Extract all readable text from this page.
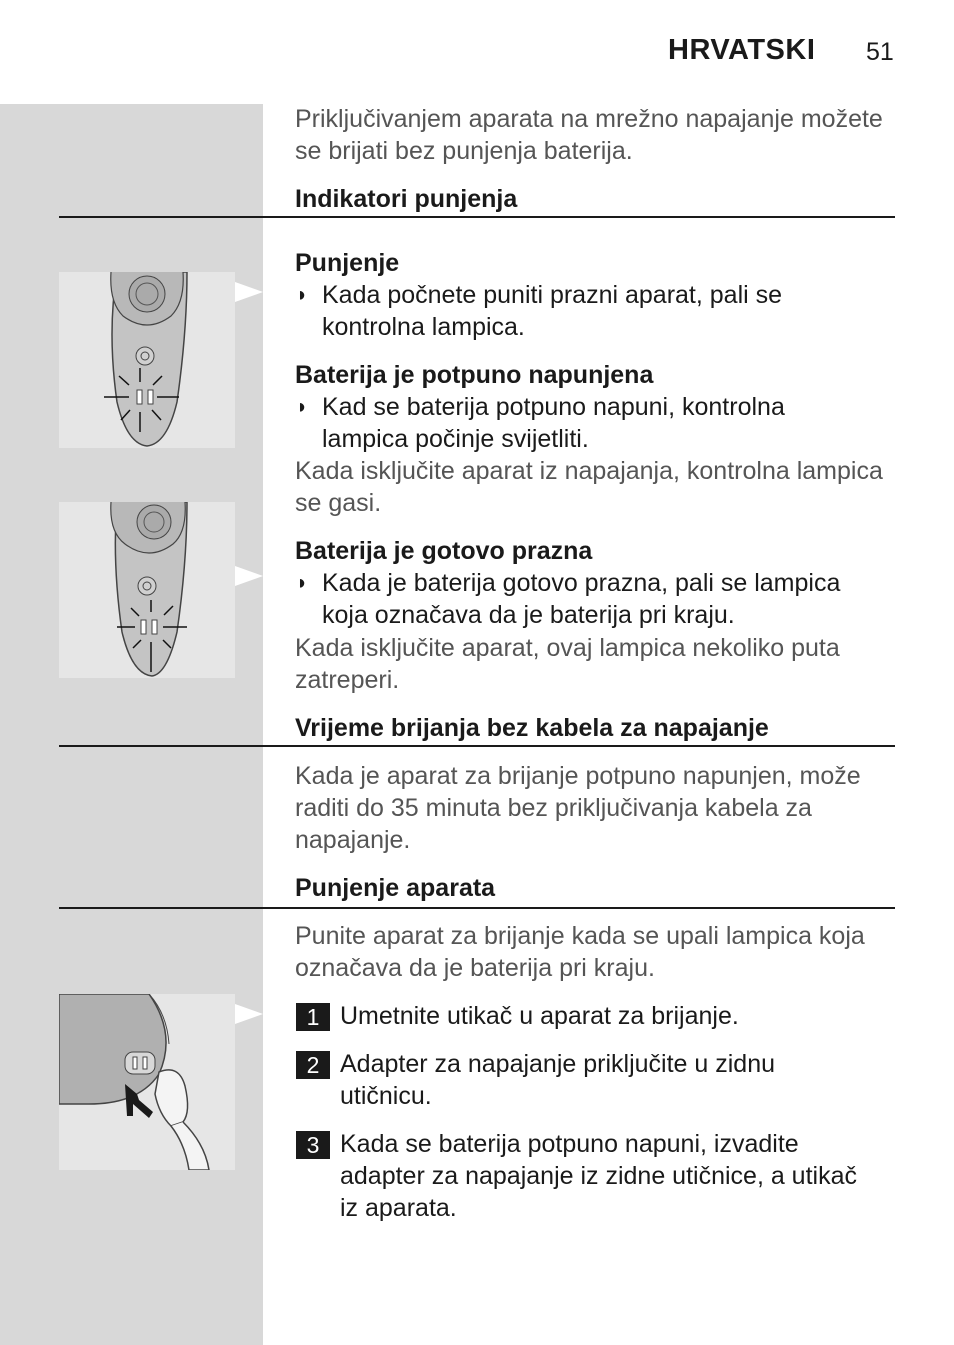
HRVATSKI 51
Priključivanjem aparata na mrežno napajanje možete
se brijati bez punjenja baterija.
Indikatori punjenja
Punjenje
◗ Kada počnete puniti prazni aparat, pali se
kontrolna lampica.
Baterija je potpuno napunjena
◗ Kad se baterija potpuno napuni, kontrolna
lampica počinje svijetliti.
Kada isključite aparat iz napajanja, kontrolna lampica
se gasi.
Baterija je gotovo prazna
◗ Kada je baterija gotovo prazna, pali se lampica
koja označava da je baterija pri kraju.
Kada isključite aparat, ovaj lampica nekoliko puta
zatreperi.
Vrijeme brijanja bez kabela za napajanje
Kada je aparat za brijanje potpuno napunjen, može
raditi do 35 minuta bez priključivanja kabela za
napajanje.
Punjenje aparata
Punite aparat za brijanje kada se upali lampica koja
označava da je baterija pri kraju.
1 Umetnite utikač u aparat za brijanje.
2 Adapter za napajanje priključite u zidnu
utičnicu.
3 Kada se baterija potpuno napuni, izvadite
adapter za napajanje iz zidne utičnice, a utikač
iz aparata.
